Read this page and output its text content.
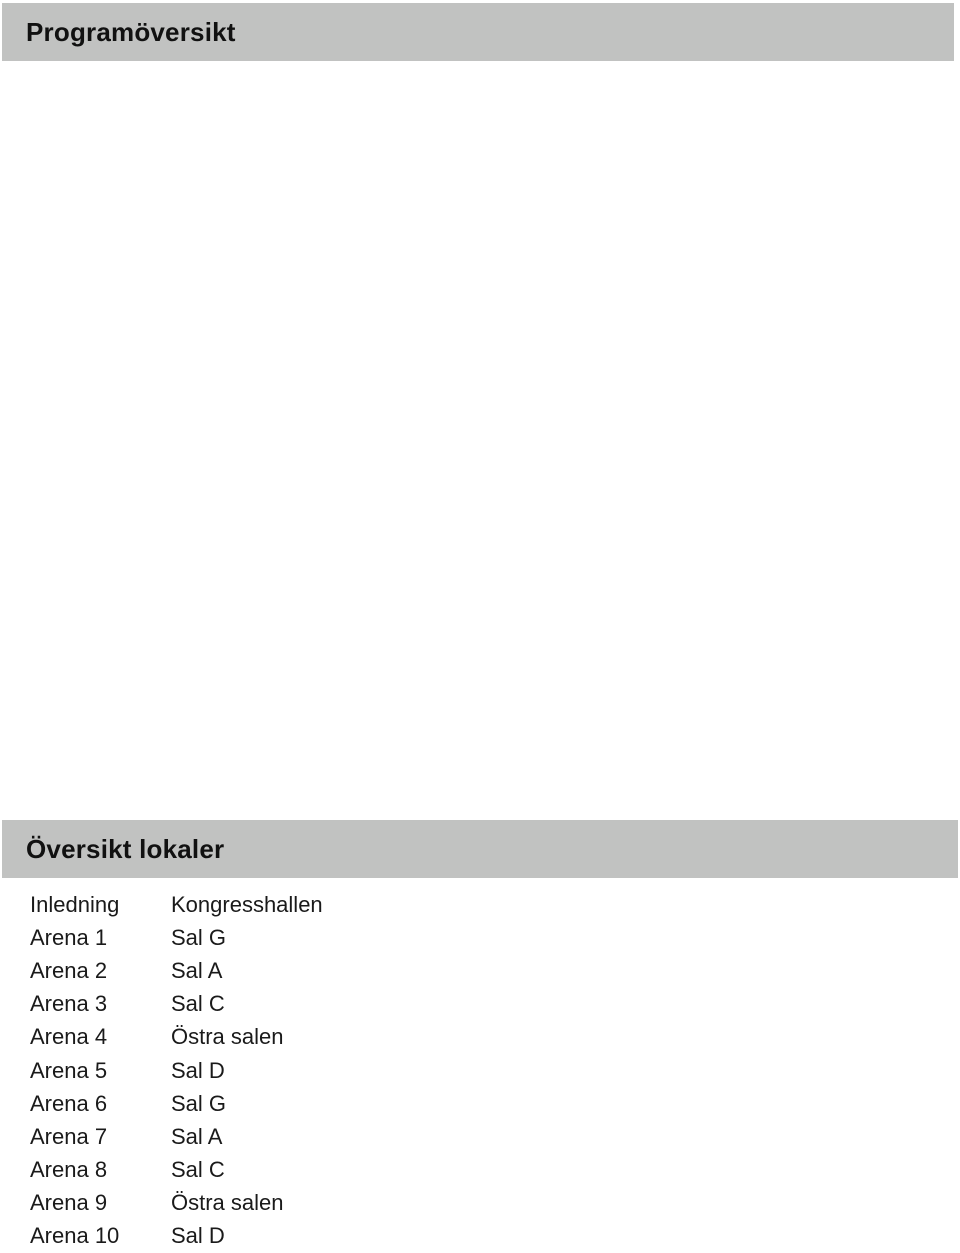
Programöversikt
Översikt lokaler
Inledning	Kongresshallen
Arena 1	Sal G
Arena 2	Sal A
Arena 3	Sal C
Arena 4	Östra salen
Arena 5	Sal D
Arena 6	Sal G
Arena 7	Sal A
Arena 8	Sal C
Arena 9	Östra salen
Arena 10	Sal D
